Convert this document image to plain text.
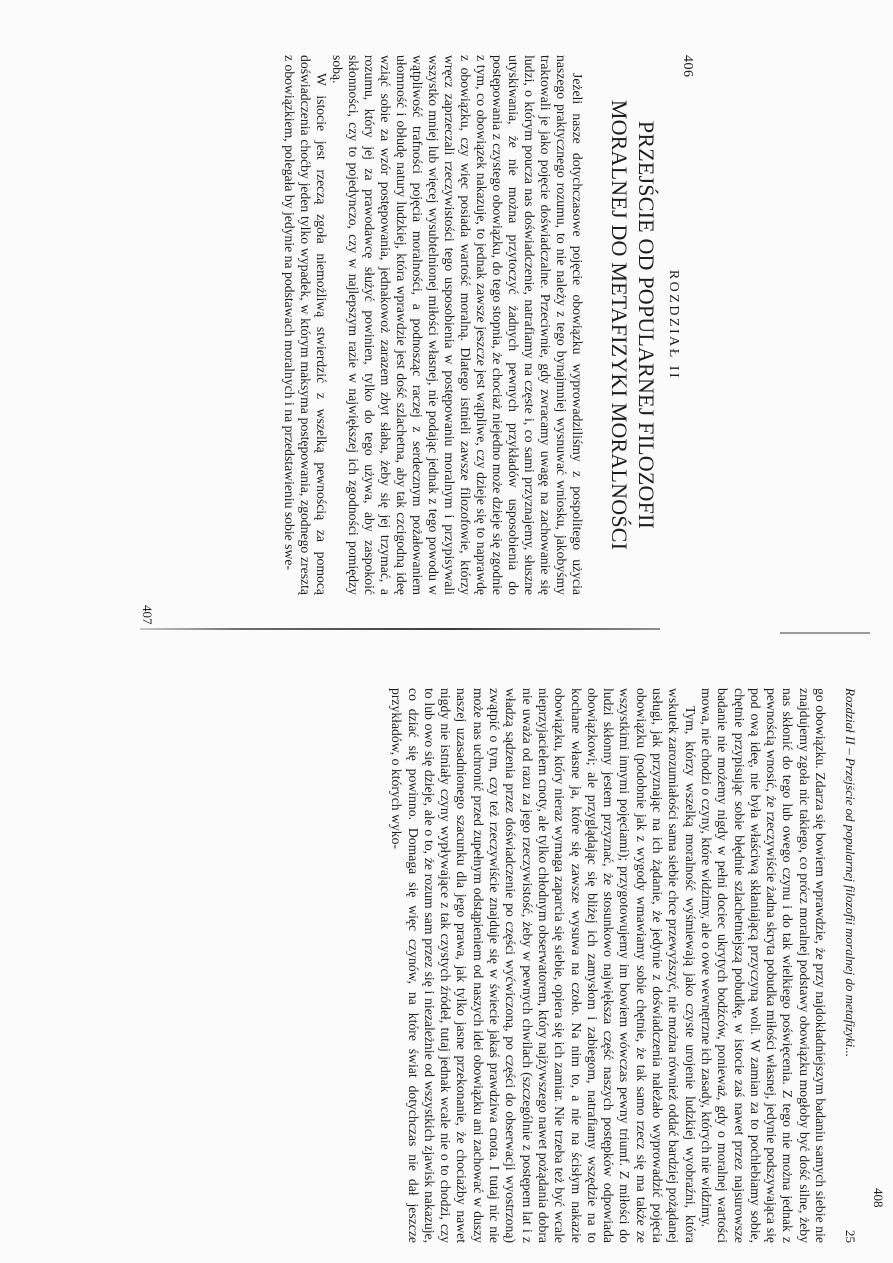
406
ROZDZIAŁ II
PRZEJŚCIE OD POPULARNEJ FILOZOFII
MORALNEJ DO METAFIZYKI MORALNOŚCI

Jeżeli nasze dotychczasowe pojęcie obowiązku wyprowadziliśmy z pospolitego użycia naszego praktycznego rozumu, to nie należy z tego bynajmniej wysnuwać wniosku, jakobyśmy traktowali je jako pojęcie doświadczalne. Przeciwnie, gdy zwracamy uwagę na zachowanie się ludzi, o którym poucza nas doświadczenie, natrafiamy na częste i, co sami przyznajemy, słuszne utyskiwania, że nie można przytoczyć żadnych pewnych przykładów usposobienia do postępowania z czystego obowiązku, do tego stopnia, że chociaż niejedno może dzieje się zgodnie z tym, co obowiązek nakazuje, to jednak zawsze jeszcze jest wątpliwe, czy dzieje się to naprawdę z obowiązku, czy więc posiada wartość moralną. Dlatego istnieli zawsze filozofowie, którzy wręcz zaprzeczali rzeczywistości tego usposobienia w postępowaniu moralnym i przypisywali wszystko mniej lub więcej wysubtelnionej miłości własnej, nie podając jednak z tego powodu w wątpliwość trafności pojęcia moralności, a podnosząc raczej z serdecznym pożałowaniem ułomność i obłudę natury ludzkiej, która wprawdzie jest dość szlachetna, aby tak czcigodną ideę wziąć sobie za wzór postępowania, jednakowoż zarazem zbyt słaba, żeby się jej trzymać, a rozumu, który jej za prawodawcę służyć powinien, tylko do tego używa, aby zaspokoić skłonności, czy to pojedynczo, czy w najlepszym razie w największej ich zgodności pomiędzy sobą.

W istocie jest rzeczą zgoła niemożliwą stwierdzić z wszelką pewnością za pomocą doświadczenia choćby jeden tylko wypadek, w którym maksyma postępowania, zgodnego zresztą z obowiązkiem, polegała by jedynie na podstawach moralnych i na przedstawieniu sobie swe-

407
Rozdział II – Przejście od popularnej filozofii moralnej do metafizyki...
25
408

go obowiązku. Zdarza się bowiem wprawdzie, że przy najdokładniejszym badaniu samych siebie nie znajdujemy zgoła nic takiego, co prócz moralnej podstawy obowiązku mogłoby być dość silne, żeby nas skłonić do tego lub owego czynu i do tak wielkiego poświęcenia. Z tego nie można jednak z pewnością wnosić, że rzeczywiście żadna skryta pobudka miłości własnej, jedynie podszywająca się pod ową ideę, nie była właściwą skłaniającą przyczyną woli. W zamian za to pochlebiamy sobie, chętnie przypisując sobie błędnie szlachetniejszą pobudkę, w istocie zaś nawet przez najsurowsze badanie nie możemy nigdy w pełni dociec ukrytych bodźców, ponieważ, gdy o moralnej wartości mowa, nie chodzi o czyny, które widzimy, ale o owe wewnętrzne ich zasady, których nie widzimy.

Tym, którzy wszelką moralność wyśmiewają jako czyste urojenie ludzkiej wyobraźni, która wskutek zarozumiałości sama siebie chce przewyższyć, nie można również oddać bardziej pożądanej usługi, jak przyznając na ich żądanie, że jedynie z doświadczenia należało wyprowadzić pojęcia obowiązku (podobnie jak z wygody wmawiamy sobie chętnie, że tak samo rzecz się ma także ze wszystkimi innymi pojęciami); przygotowujemy im bowiem wówczas pewny triumf. Z miłości do ludzi skłonny jestem przyznać, że stosunkowo największa część naszych postępków odpowiada obowiązkowi; ale przyglądając się bliżej ich zamysłom i zabiegom, natrafiamy wszędzie na to kochane własne ja, które się zawsze wysuwa na czoło. Na nim to, a nie na ścisłym nakazie obowiązku, który nieraz wymaga zaparcia się siebie, opiera się ich zamiar. Nie trzeba też być wcale nieprzyjacielem cnoty, ale tylko chłodnym obserwatorem, który najżywszego nawet pożądania dobra nie uważa od razu za jego rzeczywistość, żeby w pewnych chwilach (szczególnie z postępem lat i z władzą sądzenia przez doświadczenie po części wyćwiczoną, po części do obserwacji wyostrzoną) zwątpić o tym, czy też rzeczywiście znajduje się w świecie jakaś prawdziwa cnota. I tutaj nic nie może nas uchronić przed zupełnym odstąpieniem od naszych idei obowiązku ani zachować w duszy naszej uzasadnionego szacunku dla jego prawa, jak tylko jasne przekonanie, że chociażby nawet nigdy nie istniały czyny wypływające z tak czystych źródeł, tutaj jednak wcale nie o to chodzi, czy to lub owo się dzieje, ale o to, że rozum sam przez się i niezależnie od wszystkich zjawisk nakazuje, co dziać się powinno. Domaga się więc czynów, na które świat dotychczas nie dał jeszcze przykładów, o których wyko-
